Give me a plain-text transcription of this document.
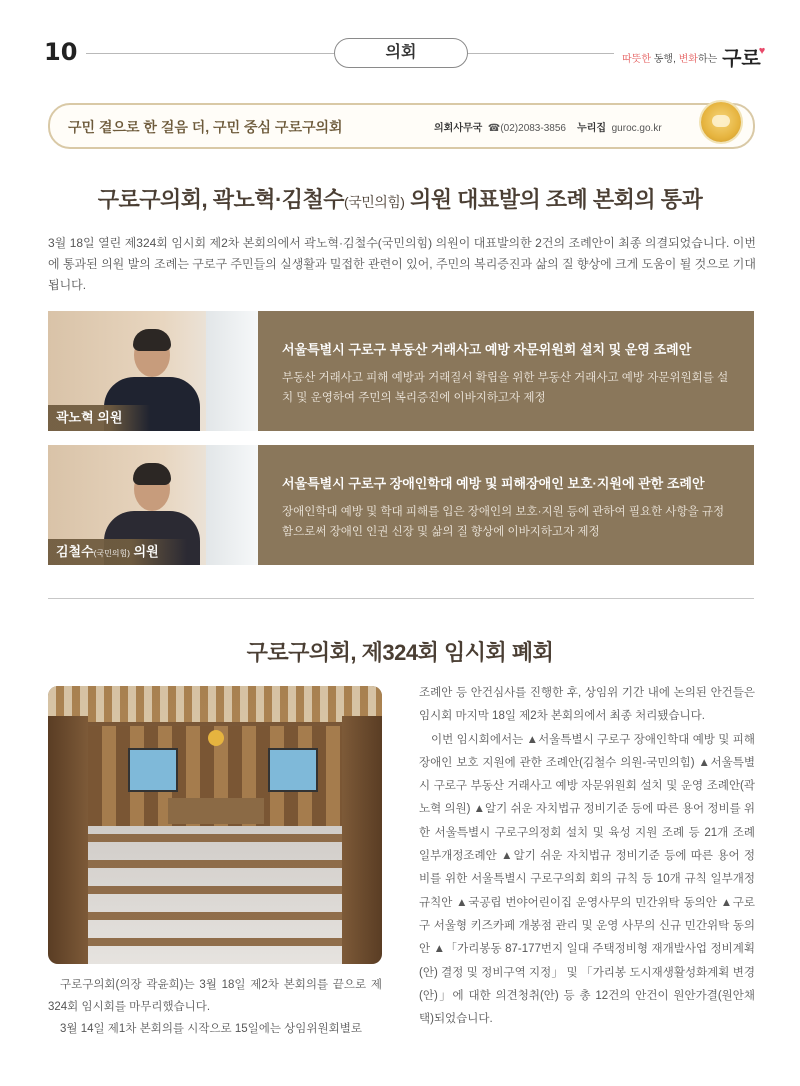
10	의회	따뜻한 동행, 변화하는 구로♥
구민 곁으로 한 걸음 더, 구민 중심 구로구의회	의회사무국 ☎(02)2083-3856 누리집 guroc.go.kr
구로구의회, 곽노혁·김철수(국민의힘) 의원 대표발의 조례 본회의 통과
3월 18일 열린 제324회 임시회 제2차 본회의에서 곽노혁·김철수(국민의힘) 의원이 대표발의한 2건의 조례안이 최종 의결되었습니다. 이번에 통과된 의원 발의 조례는 구로구 주민들의 실생활과 밀접한 관련이 있어, 주민의 복리증진과 삶의 질 향상에 크게 도움이 될 것으로 기대됩니다.
곽노혁 의원
서울특별시 구로구 부동산 거래사고 예방 자문위원회 설치 및 운영 조례안
부동산 거래사고 피해 예방과 거래질서 확립을 위한 부동산 거래사고 예방 자문위원회를 설치 및 운영하여 주민의 복리증진에 이바지하고자 제정
김철수(국민의힘) 의원
서울특별시 구로구 장애인학대 예방 및 피해장애인 보호·지원에 관한 조례안
장애인학대 예방 및 학대 피해를 입은 장애인의 보호·지원 등에 관하여 필요한 사항을 규정함으로써 장애인 인권 신장 및 삶의 질 향상에 이바지하고자 제정
구로구의회, 제324회 임시회 폐회

구로구의회(의장 곽윤희)는 3월 18일 제2차 본회의를 끝으로 제324회 임시회를 마무리했습니다.

3월 14일 제1차 본회의를 시작으로 15일에는 상임위원회별로

조례안 등 안건심사를 진행한 후, 상임위 기간 내에 논의된 안건들은 임시회 마지막 18일 제2차 본회의에서 최종 처리됐습니다.

이번 임시회에서는 ▲서울특별시 구로구 장애인학대 예방 및 피해장애인 보호 지원에 관한 조례안(김철수 의원-국민의힘) ▲서울특별시 구로구 부동산 거래사고 예방 자문위원회 설치 및 운영 조례안(곽노혁 의원) ▲알기 쉬운 자치법규 정비기준 등에 따른 용어 정비를 위한 서울특별시 구로구의정회 설치 및 육성 지원 조례 등 21개 조례 일부개정조례안 ▲알기 쉬운 자치법규 정비기준 등에 따른 용어 정비를 위한 서울특별시 구로구의회 회의 규칙 등 10개 규칙 일부개정규칙안 ▲국공립 번야어린이집 운영사무의 민간위탁 동의안 ▲구로구 서울형 키즈카페 개봉점 관리 및 운영 사무의 신규 민간위탁 동의안 ▲「가리봉동 87-177번지 일대 주택정비형 재개발사업 정비계획(안) 결정 및 정비구역 지정」 및 「가리봉 도시재생활성화계획 변경(안)」에 대한 의견청취(안) 등 총 12건의 안건이 원안가결(원안채택)되었습니다.
